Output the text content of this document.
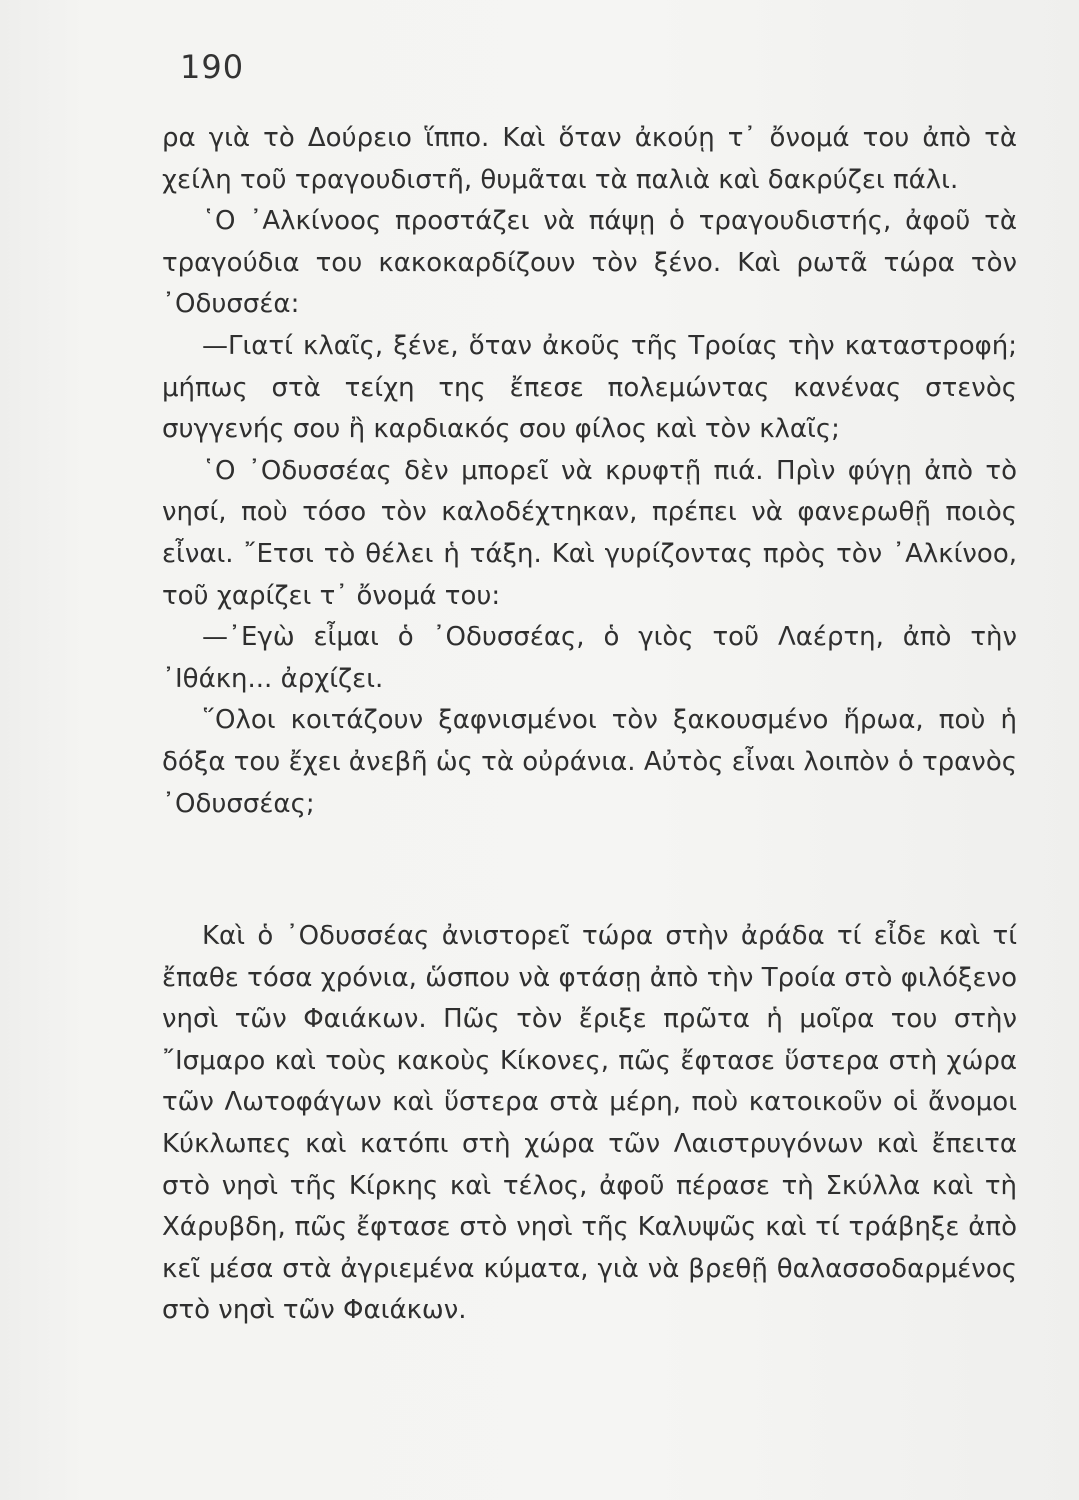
190

ρα γιὰ τὸ Δούρειο ἵππο. Καὶ ὅταν ἀκούῃ τ᾽ ὄνομά του ἀπὸ τὰ χείλη τοῦ τραγουδιστῆ, θυμᾶται τὰ παλιὰ καὶ δακρύζει πάλι.

῾Ο ᾽Αλκίνοος προστάζει νὰ πάψῃ ὁ τραγουδιστής, ἀφοῦ τὰ τραγούδια του κακοκαρδίζουν τὸν ξένο. Καὶ ρωτᾶ τώρα τὸν ᾽Οδυσσέα:

—Γιατί κλαῖς, ξένε, ὅταν ἀκοῦς τῆς Τροίας τὴν καταστροφή; μήπως στὰ τείχη της ἔπεσε πολεμώντας κανένας στενὸς συγγενής σου ἢ καρδιακός σου φίλος καὶ τὸν κλαῖς;

῾Ο ᾽Οδυσσέας δὲν μπορεῖ νὰ κρυφτῇ πιά. Πρὶν φύγῃ ἀπὸ τὸ νησί, ποὺ τόσο τὸν καλοδέχτηκαν, πρέπει νὰ φανερωθῇ ποιὸς εἶναι. ῎Ετσι τὸ θέλει ἡ τάξη. Καὶ γυρίζοντας πρὸς τὸν ᾽Αλκίνοο, τοῦ χαρίζει τ᾽ ὄνομά του:

—᾽Εγὼ εἶμαι ὁ ᾽Οδυσσέας, ὁ γιὸς τοῦ Λαέρτη, ἀπὸ τὴν ᾽Ιθάκη... ἀρχίζει.

῞Ολοι κοιτάζουν ξαφνισμένοι τὸν ξακουσμένο ἥρωα, ποὺ ἡ δόξα του ἔχει ἀνεβῆ ὡς τὰ οὐράνια. Αὐτὸς εἶναι λοιπὸν ὁ τρανὸς ᾽Οδυσσέας;

Καὶ ὁ ᾽Οδυσσέας ἀνιστορεῖ τώρα στὴν ἀράδα τί εἶδε καὶ τί ἔπαθε τόσα χρόνια, ὥσπου νὰ φτάσῃ ἀπὸ τὴν Τροία στὸ φιλόξενο νησὶ τῶν Φαιάκων. Πῶς τὸν ἔριξε πρῶτα ἡ μοῖρα του στὴν ῎Ισμαρο καὶ τοὺς κακοὺς Κίκονες, πῶς ἔφτασε ὕστερα στὴ χώρα τῶν Λωτοφάγων καὶ ὕστερα στὰ μέρη, ποὺ κατοικοῦν οἱ ἄνομοι Κύκλωπες καὶ κατόπι στὴ χώρα τῶν Λαιστρυγόνων καὶ ἔπειτα στὸ νησὶ τῆς Κίρκης καὶ τέλος, ἀφοῦ πέρασε τὴ Σκύλλα καὶ τὴ Χάρυβδη, πῶς ἔφτασε στὸ νησὶ τῆς Καλυψῶς καὶ τί τράβηξε ἀπὸ κεῖ μέσα στὰ ἀγριεμένα κύματα, γιὰ νὰ βρεθῇ θαλασσοδαρμένος στὸ νησὶ τῶν Φαιάκων.
